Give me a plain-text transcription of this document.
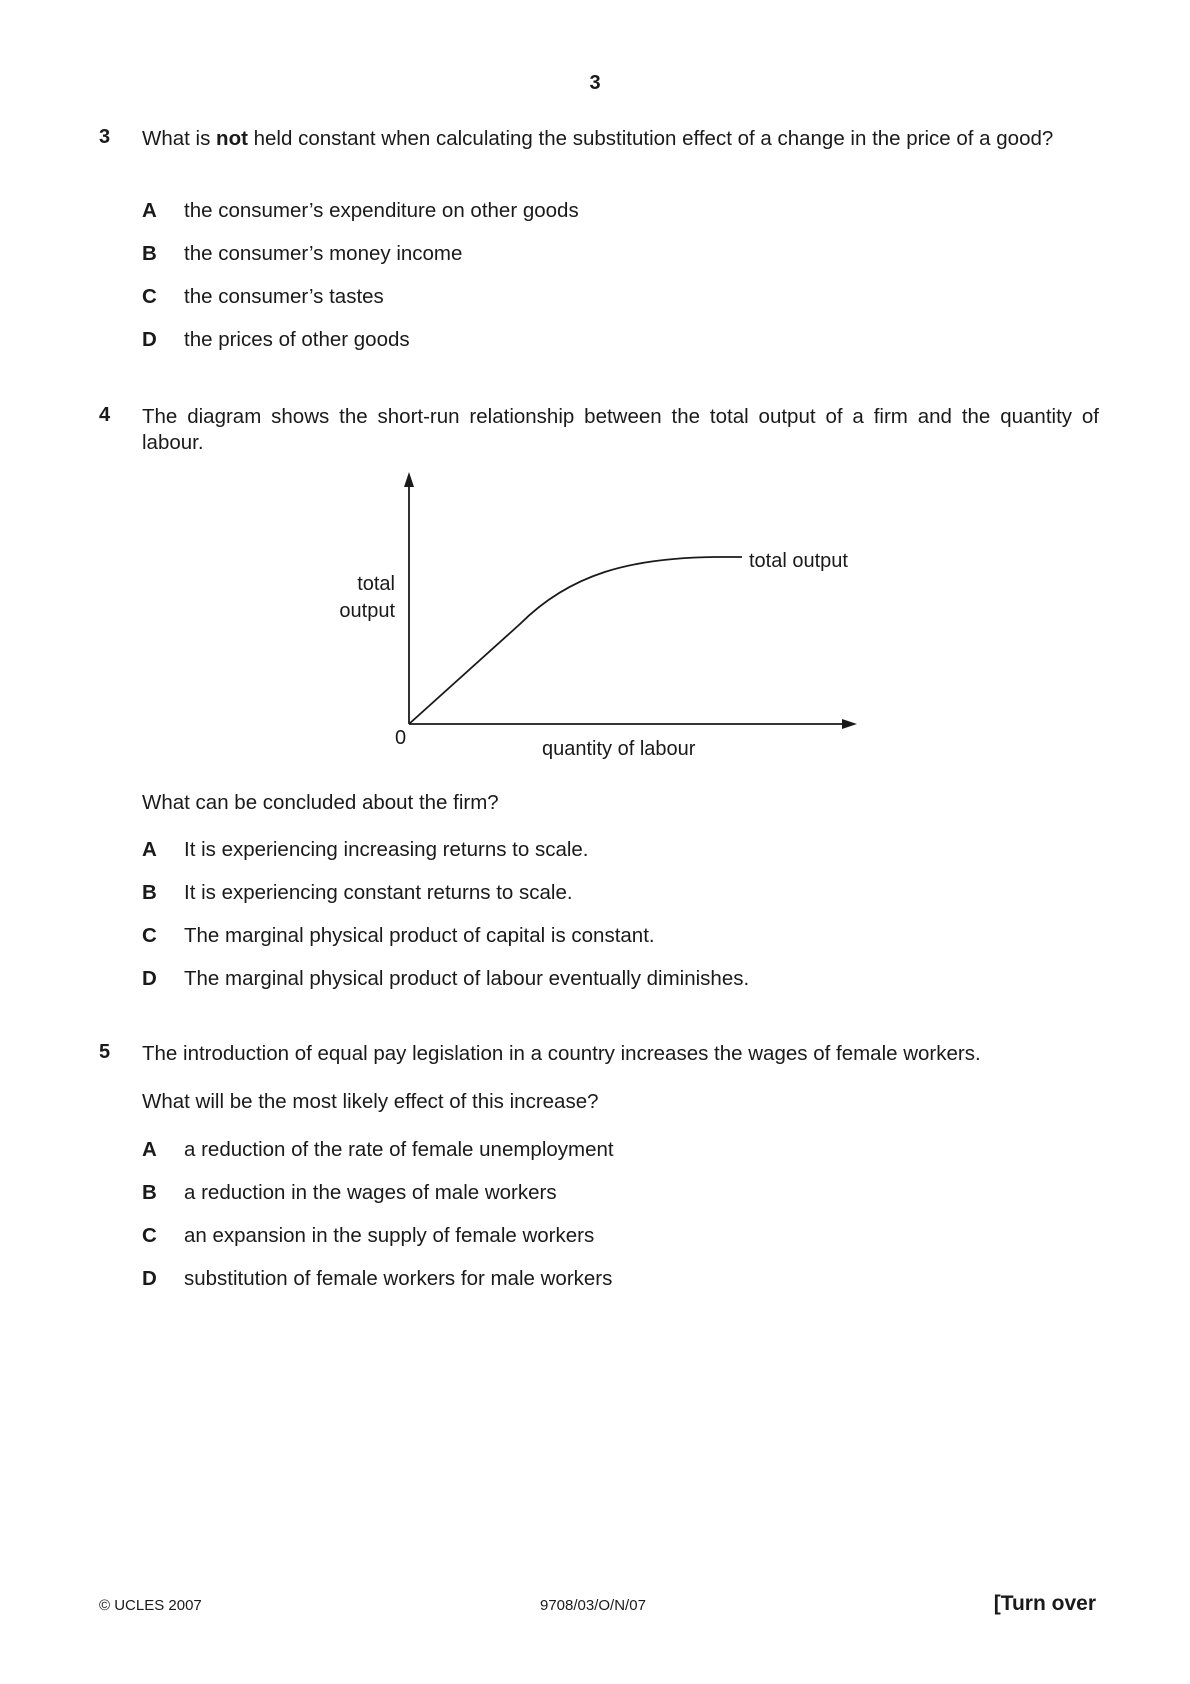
3
3 What is not held constant when calculating the substitution effect of a change in the price of a good?
A the consumer’s expenditure on other goods
B the consumer’s money income
C the consumer’s tastes
D the prices of other goods
4 The diagram shows the short-run relationship between the total output of a firm and the quantity of labour.
total
output
0	quantity of labour
total output
What can be concluded about the firm?
A It is experiencing increasing returns to scale.
B It is experiencing constant returns to scale.
C The marginal physical product of capital is constant.
D The marginal physical product of labour eventually diminishes.
5 The introduction of equal pay legislation in a country increases the wages of female workers.
What will be the most likely effect of this increase?
A a reduction of the rate of female unemployment
B a reduction in the wages of male workers
C an expansion in the supply of female workers
D substitution of female workers for male workers
© UCLES 2007	9708/03/O/N/07	[Turn over
